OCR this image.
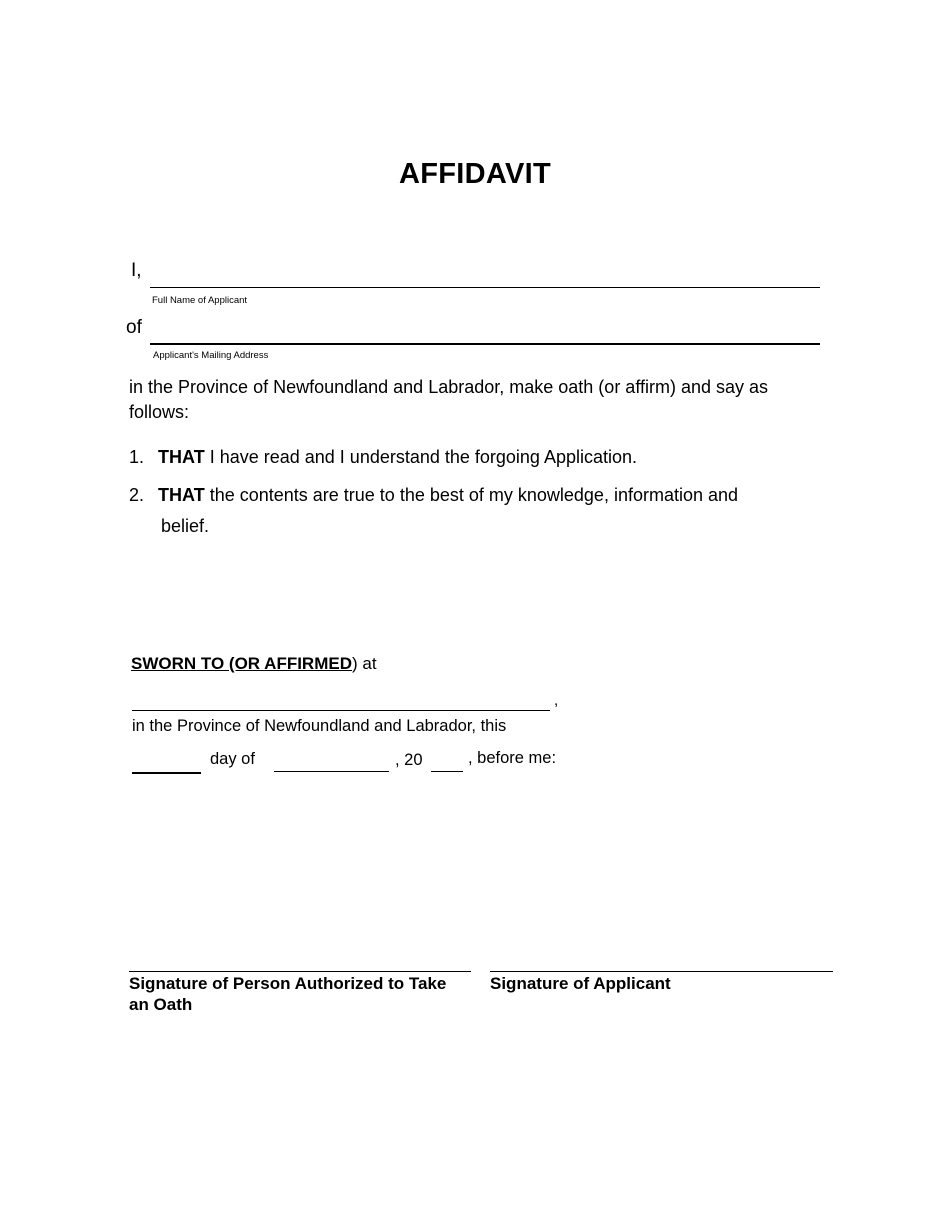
AFFIDAVIT
I,
Full Name of Applicant
of
Applicant's Mailing Address
in the Province of Newfoundland and Labrador, make oath (or affirm) and say as
follows:
1. THAT I have read and I understand the forgoing Application.
2. THAT the contents are true to the best of my knowledge, information and
belief.
SWORN TO (OR AFFIRMED) at
,
in the Province of Newfoundland and Labrador, this
day of	, 20	, before me:
Signature of Person Authorized to Take an Oath
Signature of Applicant
